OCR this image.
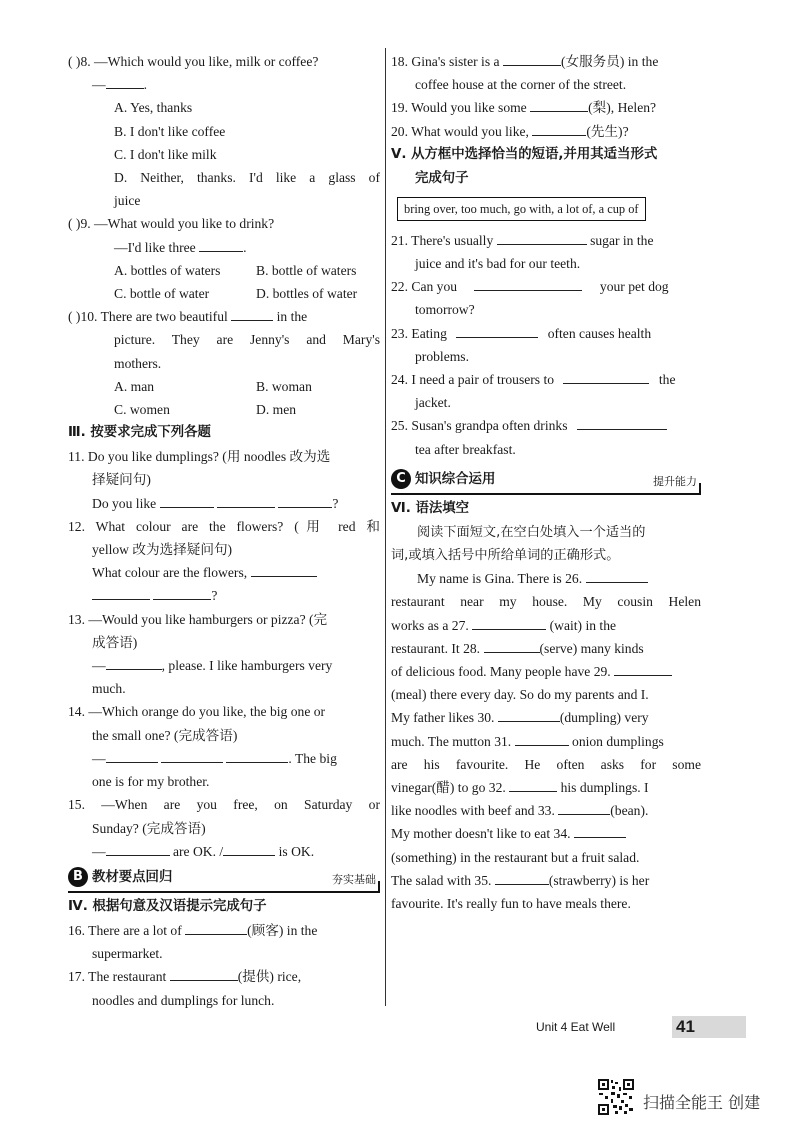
( )8. —Which would you like, milk or coffee?
—	.
A. Yes, thanks
B. I don't like coffee
C. I don't like milk
D. Neither, thanks. I'd like a glass of
juice
( )9. —What would you like to drink?
—I'd like three	.
A. bottles of waters	B. bottle of waters
C. bottle of water	D. bottles of water
( )10. There are two beautiful	in the
picture. They are Jenny's and Mary's
mothers.
A. man	B. woman
C. women	D. men
Ⅲ. 按要求完成下列各题
11. Do you like dumplings? (用 noodles 改为选
择疑问句)
Do you like	?
12. What colour are the flowers? (用 red 和
yellow 改为选择疑问句)
What colour are the flowers,
?
13. —Would you like hamburgers or pizza? (完
成答语)
—	, please. I like hamburgers very
much.
14. —Which orange do you like, the big one or
the small one? (完成答语)
—	. The big
one is for my brother.
15. —When are you free, on Saturday or
Sunday? (完成答语)
—	are OK. /	is OK.
B 教材要点回归	夯实基础
Ⅳ. 根据句意及汉语提示完成句子
16. There are a lot of	(顾客) in the
supermarket.
17. The restaurant	(提供) rice,
noodles and dumplings for lunch.
18. Gina's sister is a	(女服务员) in the
coffee house at the corner of the street.
19. Would you like some	(梨), Helen?
20. What would you like,	(先生)?
Ⅴ. 从方框中选择恰当的短语,并用其适当形式
完成句子
bring over, too much, go with, a lot of, a cup of
21. There's usually	sugar in the
juice and it's bad for our teeth.
22. Can you	your pet dog
tomorrow?
23. Eating	often causes health
problems.
24. I need a pair of trousers to	the
jacket.
25. Susan's grandpa often drinks
tea after breakfast.
C 知识综合运用	提升能力
Ⅵ. 语法填空
阅读下面短文,在空白处填入一个适当的
词,或填入括号中所给单词的正确形式。
My name is Gina. There is 26.
restaurant near my house. My cousin Helen
works as a 27.	(wait) in the
restaurant. It 28.	(serve) many kinds
of delicious food. Many people have 29.
(meal) there every day. So do my parents and I.
My father likes 30.	(dumpling) very
much. The mutton 31.	onion dumplings
are his favourite. He often asks for some
vinegar(醋) to go 32.	his dumplings. I
like noodles with beef and 33.	(bean).
My mother doesn't like to eat 34.
(something) in the restaurant but a fruit salad.
The salad with 35.	(strawberry) is her
favourite. It's really fun to have meals there.
Unit 4 Eat Well	41
扫描全能王 创建
